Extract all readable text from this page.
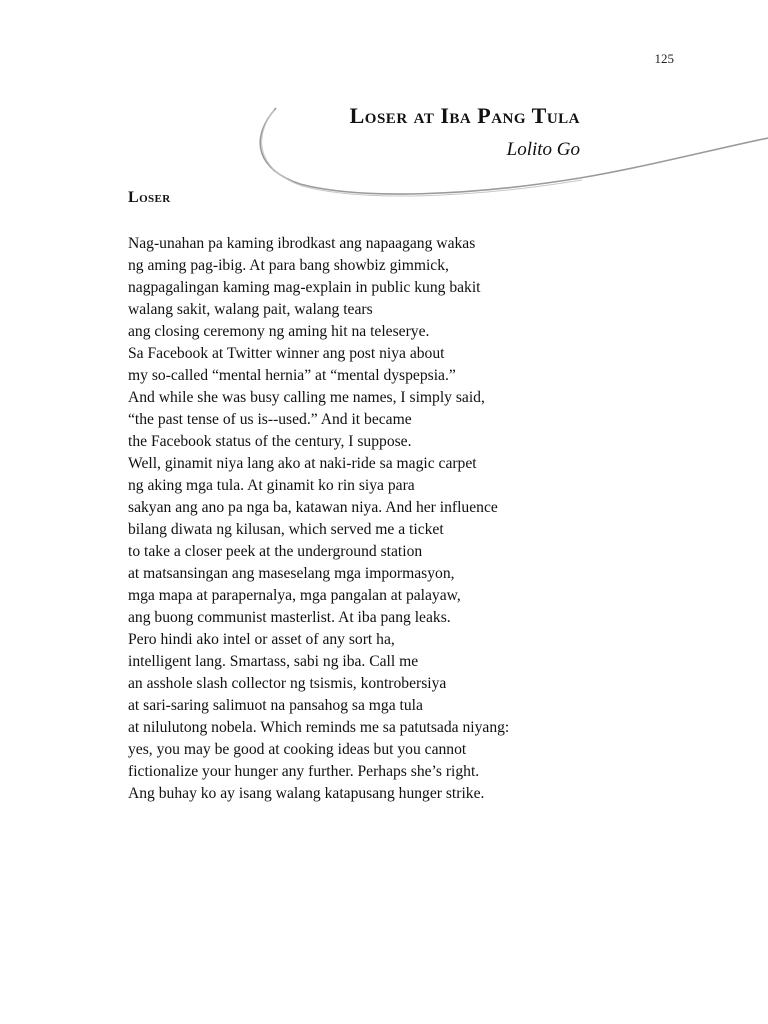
125
Loser at Iba Pang Tula
Lolito Go
Loser
Nag-unahan pa kaming ibrodkast ang napaagang wakas
ng aming pag-ibig. At para bang showbiz gimmick,
nagpagalingan kaming mag-explain in public kung bakit
walang sakit, walang pait, walang tears
ang closing ceremony ng aming hit na teleserye.
Sa Facebook at Twitter winner ang post niya about
my so-called “mental hernia” at “mental dyspepsia.”
And while she was busy calling me names, I simply said,
“the past tense of us is--used.” And it became
the Facebook status of the century, I suppose.
Well, ginamit niya lang ako at naki-ride sa magic carpet
ng aking mga tula. At ginamit ko rin siya para
sakyan ang ano pa nga ba, katawan niya. And her influence
bilang diwata ng kilusan, which served me a ticket
to take a closer peek at the underground station
at matsansingan ang maseselang mga impormasyon,
mga mapa at parapernalya, mga pangalan at palayaw,
ang buong communist masterlist. At iba pang leaks.
Pero hindi ako intel or asset of any sort ha,
intelligent lang. Smartass, sabi ng iba. Call me
an asshole slash collector ng tsismis, kontrobersiya
at sari-saring salimuot na pansahog sa mga tula
at nilulutong nobela. Which reminds me sa patutsada niyang:
yes, you may be good at cooking ideas but you cannot
fictionalize your hunger any further. Perhaps she’s right.
Ang buhay ko ay isang walang katapusang hunger strike.
